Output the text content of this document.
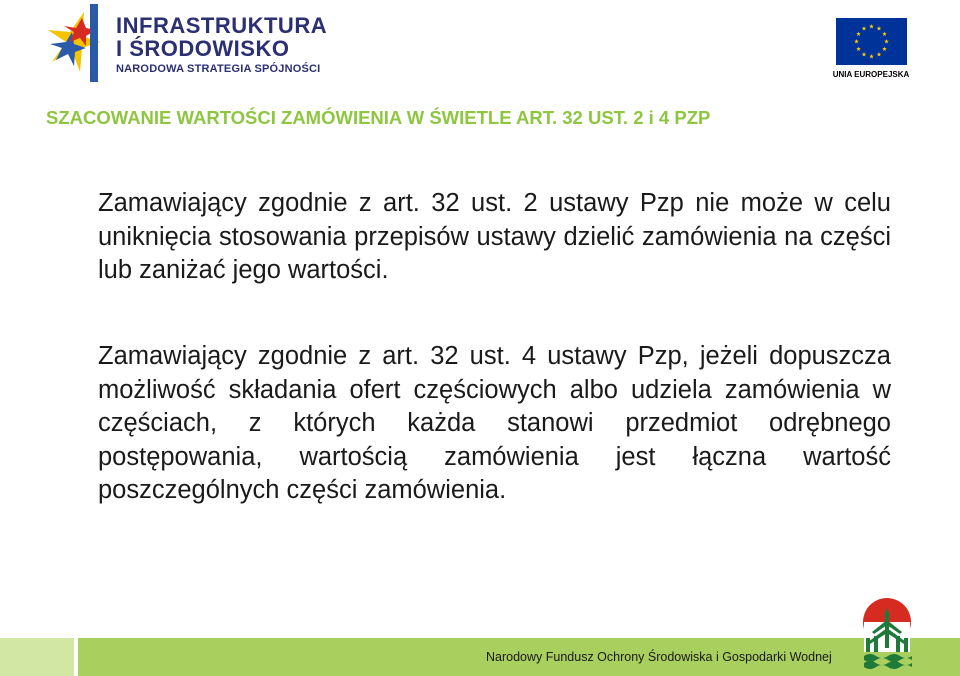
INFRASTRUKTURA
I ŚRODOWISKO
NARODOWA STRATEGIA SPÓJNOŚCI	UNIA EUROPEJSKA
SZACOWANIE WARTOŚCI ZAMÓWIENIA W ŚWIETLE ART. 32 UST. 2 i 4 PZP

Zamawiający zgodnie z art. 32 ust. 2 ustawy Pzp nie może w celu uniknięcia stosowania przepisów ustawy dzielić zamówienia na części lub zaniżać jego wartości.

Zamawiający zgodnie z art. 32 ust. 4 ustawy Pzp, jeżeli dopuszcza możliwość składania ofert częściowych albo udziela zamówienia w częściach, z których każda stanowi przedmiot odrębnego postępowania, wartością zamówienia jest łączna wartość poszczególnych części zamówienia.

Narodowy Fundusz Ochrony Środowiska i Gospodarki Wodnej
